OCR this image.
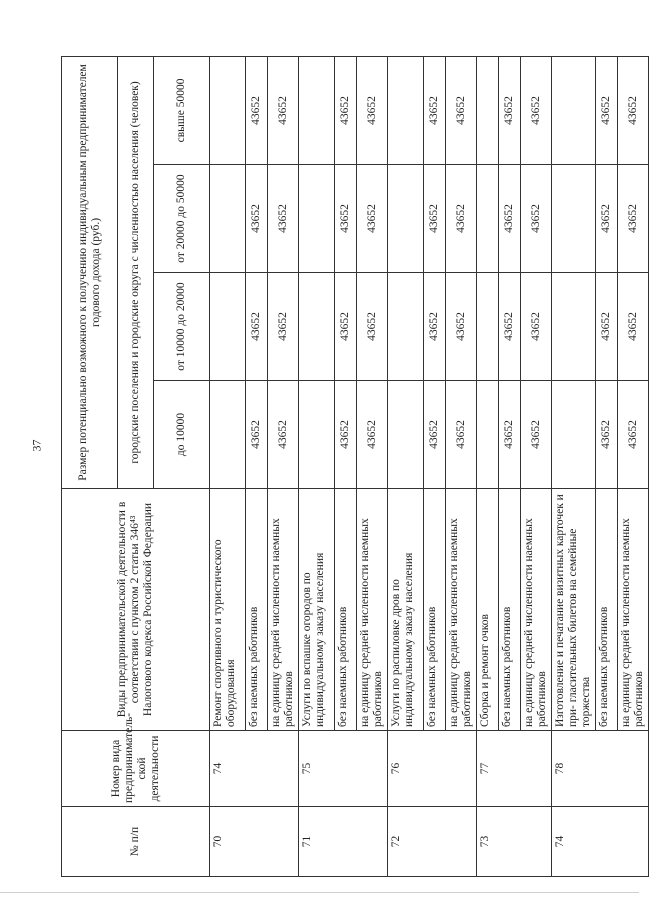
37
№ п/п	Номер вида предприниматель- ской деятельности	Виды предпринимательской деятельности в соответствии с пунктом 2 статьи 346⁴³ Налогового кодекса Российской Федерации	Размер потенциально возможного к получению индивидуальным предпринимателем годового дохода (руб.)			
			городские поселения и городские округа с численностью населения (человек)			
			до 10000	от 10000 до 20000	от 20000 до 50000	свыше 50000
70	74	Ремонт спортивного и туристического оборудования				
		без наемных работников	43652	43652	43652	43652
		на единицу средней численности наемных работников	43652	43652	43652	43652
71	75	Услуги по вспашке огородов по индивидуальному заказу населения				
		без наемных работников	43652	43652	43652	43652
		на единицу средней численности наемных работников	43652	43652	43652	43652
72	76	Услуги по распиловке дров по индивидуальному заказу населения				
		без наемных работников	43652	43652	43652	43652
		на единицу средней численности наемных работников	43652	43652	43652	43652
73	77	Сборка и ремонт очков				
		без наемных работников	43652	43652	43652	43652
		на единицу средней численности наемных работников	43652	43652	43652	43652
74	78	Изготовление и печатание визитных карточек и при- гласительных билетов на семейные торжества				
		без наемных работников	43652	43652	43652	43652
		на единицу средней численности наемных работников	43652	43652	43652	43652
